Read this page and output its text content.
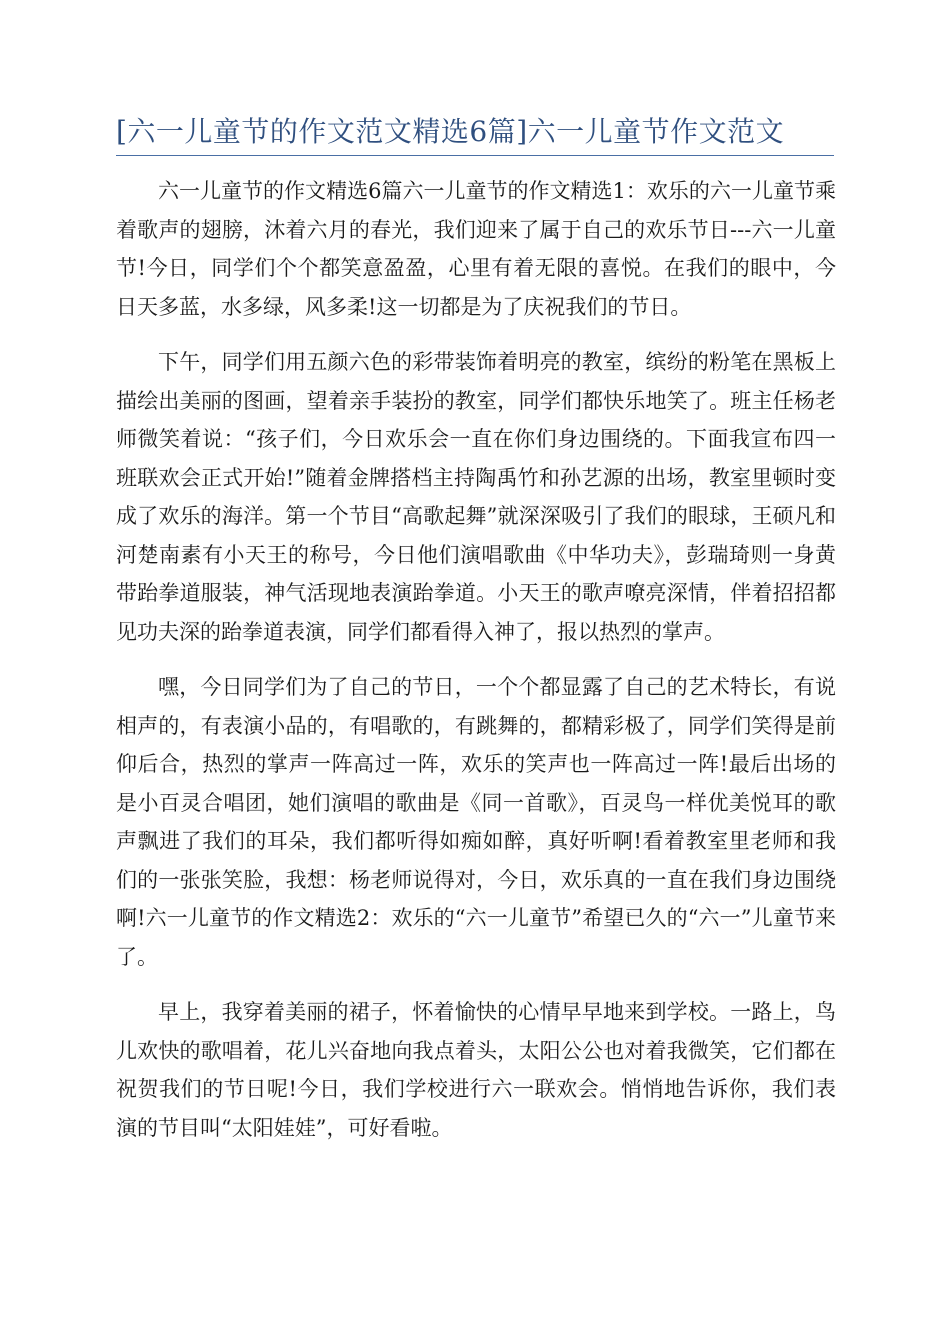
[六一儿童节的作文范文精选6篇]六一儿童节作文范文

六一儿童节的作文精选6篇六一儿童节的作文精选1：欢乐的六一儿童节乘着歌声的翅膀，沐着六月的春光，我们迎来了属于自己的欢乐节日---六一儿童节!今日，同学们个个都笑意盈盈，心里有着无限的喜悦。在我们的眼中，今日天多蓝，水多绿，风多柔!这一切都是为了庆祝我们的节日。

下午，同学们用五颜六色的彩带装饰着明亮的教室，缤纷的粉笔在黑板上描绘出美丽的图画，望着亲手装扮的教室，同学们都快乐地笑了。班主任杨老师微笑着说：“孩子们，今日欢乐会一直在你们身边围绕的。下面我宣布四一班联欢会正式开始!”随着金牌搭档主持陶禹竹和孙艺源的出场，教室里顿时变成了欢乐的海洋。第一个节目“高歌起舞”就深深吸引了我们的眼球，王硕凡和河楚南素有小天王的称号，今日他们演唱歌曲《中华功夫》，彭瑞琦则一身黄带跆拳道服装，神气活现地表演跆拳道。小天王的歌声嘹亮深情，伴着招招都见功夫深的跆拳道表演，同学们都看得入神了，报以热烈的掌声。

嘿，今日同学们为了自己的节日，一个个都显露了自己的艺术特长，有说相声的，有表演小品的，有唱歌的，有跳舞的，都精彩极了，同学们笑得是前仰后合，热烈的掌声一阵高过一阵，欢乐的笑声也一阵高过一阵!最后出场的是小百灵合唱团，她们演唱的歌曲是《同一首歌》，百灵鸟一样优美悦耳的歌声飘进了我们的耳朵，我们都听得如痴如醉，真好听啊!看着教室里老师和我们的一张张笑脸，我想：杨老师说得对，今日，欢乐真的一直在我们身边围绕啊!六一儿童节的作文精选2：欢乐的“六一儿童节”希望已久的“六一”儿童节来了。

早上，我穿着美丽的裙子，怀着愉快的心情早早地来到学校。一路上，鸟儿欢快的歌唱着，花儿兴奋地向我点着头，太阳公公也对着我微笑，它们都在祝贺我们的节日呢!今日，我们学校进行六一联欢会。悄悄地告诉你，我们表演的节目叫“太阳娃娃”，可好看啦。
